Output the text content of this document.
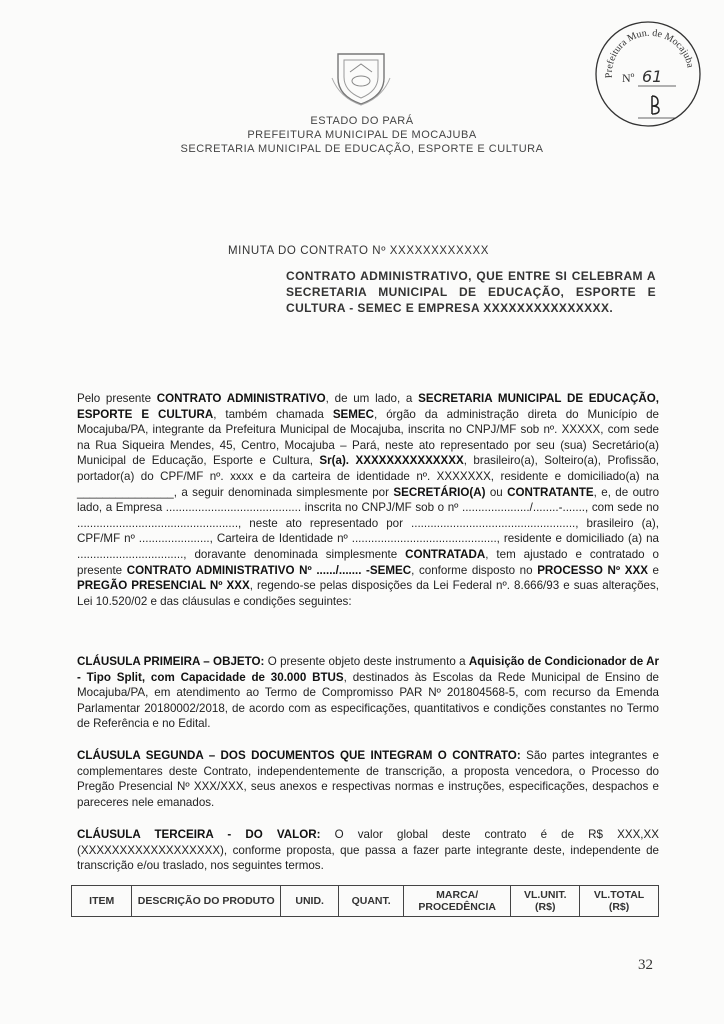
ESTADO DO PARÁ
PREFEITURA MUNICIPAL DE MOCAJUBA
SECRETARIA MUNICIPAL DE EDUCAÇÃO, ESPORTE E CULTURA
Prefeitura Mun. de Mocajuba
Nº 61
MINUTA DO CONTRATO Nº XXXXXXXXXXXX
CONTRATO ADMINISTRATIVO, QUE ENTRE SI CELEBRAM A SECRETARIA MUNICIPAL DE EDUCAÇÃO, ESPORTE E CULTURA - SEMEC E EMPRESA XXXXXXXXXXXXXXX.

Pelo presente CONTRATO ADMINISTRATIVO, de um lado, a SECRETARIA MUNICIPAL DE EDUCAÇÃO, ESPORTE E CULTURA, também chamada SEMEC, órgão da administração direta do Município de Mocajuba/PA, integrante da Prefeitura Municipal de Mocajuba, inscrita no CNPJ/MF sob nº. XXXXX, com sede na Rua Siqueira Mendes, 45, Centro, Mocajuba – Pará, neste ato representado por seu (sua) Secretário(a) Municipal de Educação, Esporte e Cultura, Sr(a). XXXXXXXXXXXXXX, brasileiro(a), Solteiro(a), Profissão, portador(a) do CPF/MF nº. xxxx e da carteira de identidade nº. XXXXXXX, residente e domiciliado(a) na _______________, a seguir denominada simplesmente por SECRETÁRIO(A) ou CONTRATANTE, e, de outro lado, a Empresa .......................................... inscrita no CNPJ/MF sob o nº ...................../........-......., com sede no .................................................., neste ato representado por ..................................................., brasileiro (a), CPF/MF nº ......................, Carteira de Identidade nº ............................................., residente e domiciliado (a) na ................................., doravante denominada simplesmente CONTRATADA, tem ajustado e contratado o presente CONTRATO ADMINISTRATIVO Nº ....../....... -SEMEC, conforme disposto no PROCESSO Nº XXX e PREGÃO PRESENCIAL Nº XXX, regendo-se pelas disposições da Lei Federal nº. 8.666/93 e suas alterações, Lei 10.520/02 e das cláusulas e condições seguintes:

CLÁUSULA PRIMEIRA – OBJETO: O presente objeto deste instrumento a Aquisição de Condicionador de Ar - Tipo Split, com Capacidade de 30.000 BTUS, destinados às Escolas da Rede Municipal de Ensino de Mocajuba/PA, em atendimento ao Termo de Compromisso PAR Nº 201804568-5, com recurso da Emenda Parlamentar 20180002/2018, de acordo com as especificações, quantitativos e condições constantes no Termo de Referência e no Edital.

CLÁUSULA SEGUNDA – DOS DOCUMENTOS QUE INTEGRAM O CONTRATO: São partes integrantes e complementares deste Contrato, independentemente de transcrição, a proposta vencedora, o Processo do Pregão Presencial Nº XXX/XXX, seus anexos e respectivas normas e instruções, especificações, despachos e pareceres nele emanados.

CLÁUSULA TERCEIRA - DO VALOR: O valor global deste contrato é de R$ XXX,XX (XXXXXXXXXXXXXXXXXX), conforme proposta, que passa a fazer parte integrante deste, independente de transcrição e/ou traslado, nos seguintes termos.

ITEM	DESCRIÇÃO DO PRODUTO	UNID.	QUANT.	MARCA/ PROCEDÊNCIA	VL.UNIT. (R$)	VL.TOTAL (R$)
32
